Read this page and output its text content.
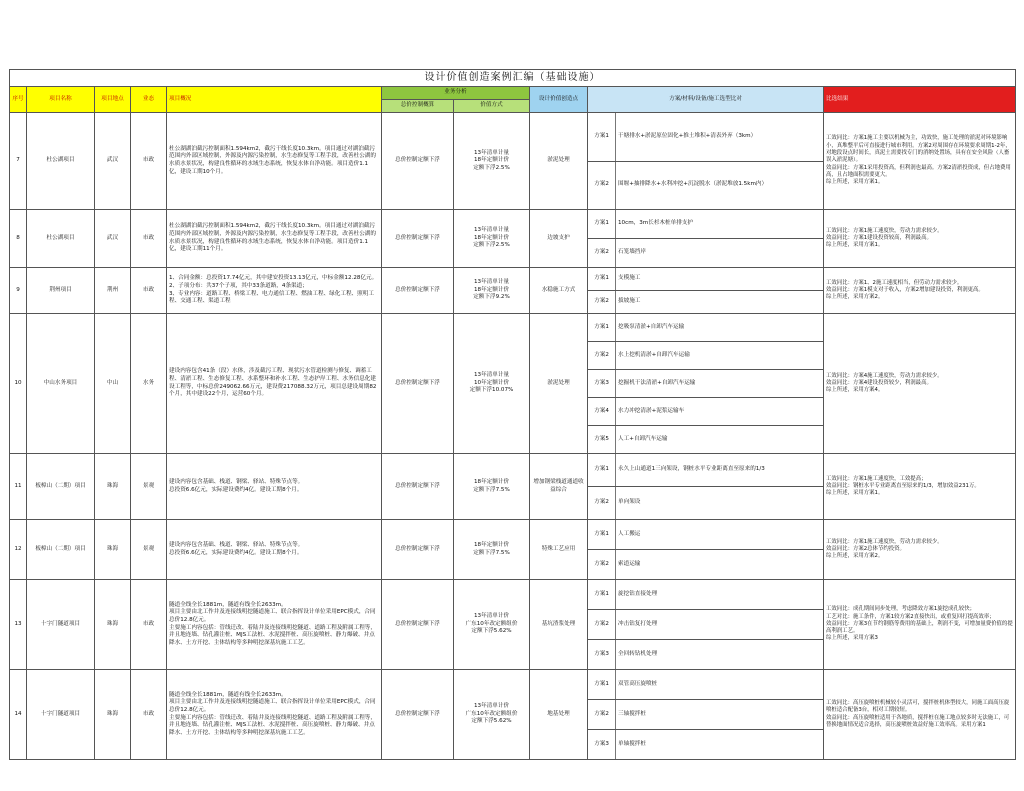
设计价值创造案例汇编（基础设施）										
序号	项目名称	项目地点	业态	项目概况	业务分析		设计价值创造点	方案/材料/设备/施工选型比对		比选结果
					总价控制概算	价值方式				
7	杜公湖项目	武汉	市政	杜公湖湖泊截污控制面积1.594km2，截污干线长度10.3km。项目通过对湖泊截污范围内外部区域控制，外源及内源污染控制，水生态修复等工程手段，改善杜公湖的水质水景状况，构建良性循环的水域生态系统，恢复水体自净功能。项目造价1.1亿，建设工期10个月。	总价控制定额下浮	13年清单计量
18年定额计价
定额下浮2.5%	淤泥处理	方案1	干塘排水+淤泥原位固化+推土堆积+清表外弃（3km）	工效同比：方案1施工主要以机械为主，功效快，施工处理的淤泥对环境影响小，真堆整平后可直接进行城市利用。方案2对周围存在环境要求周期1-2年，对地段设点时间长，真泥土需要找专门的消纳处置场，具有在安全风险（人畜误入淤泥塘）。
效益同比：方案1采用投资高，但利润也最高。方案2清淤投资成，但占地费用高，且占地面积需要更大。
综上所述，采用方案1。
								方案2	围堰+抽排降水+水利冲挖+沉淀脱水（淤泥堆放1.5km内）	
8	杜公湖项目	武汉	市政	杜公湖湖泊截污控制面积1.594km2，截污干线长度10.3km。项目通过对湖泊截污范围内外部区域控制，外源及内源污染控制，水生态修复等工程手段，改善杜公湖的水质水景状况，构建良性循环的水域生态系统，恢复水体自净功能。项目造价1.1亿，建设工期11个月。	总价控制定额下浮	13年清单计量
18年定额计价
定额下浮2.5%	边坡支护	方案1	10cm，3m长杉木桩单排支护	工效同比：方案1施工速度快，劳动力需求较少。
效益同比：方案1建设投资较高，利润最高。
综上所述，采用方案1。
								方案2	石笼墙挡岸	
9	荆州项目	荆州	市政	1、合同金额：总投资17.74亿元，其中建安投资13.13亿元，中标金额12.28亿元。
2、子项分布：共37个子项，其中33条道路，4条渠道；
3、专业内容：道路工程、桥梁工程、电力通信工程、燃油工程、绿化工程、照明工程、交通工程、渠道工程	总价控制定额下浮	13年清单计量
18年定额计价
定额下浮9.2%	水稳施工方式	方案1	支模施工	工效同比：方案1、2施工速度相当，但劳动力需求较少。
效益同比：方案1模支对于收入，方案2增加建设投资，利润更高。
综上所述，采用方案2。
								方案2	拔坡施工	
10	中山水务项目	中山	水务	建设内容包含41条（段）水体，涉及截污工程、现状污水管道检测与修复、调蓄工程、清淤工程、生态修复工程、水系整环和补水工程、生态护岸工程、水务信息化建设工程等，中标总价249062.66万元，建设费217088.32万元，项目总建设周期82个月，其中建设22个月，运营60个月。	总价控制定额下浮	13年清单计量
10年定额计价
定额下浮10.07%	淤泥处理	方案1	挖吸泵清淤+自卸汽车运输	工效同比：方案4施工速度快，劳动力需求较少。
效益同比：方案4建设投资较少，利润最高。
综上所述，采用方案4。
								方案2	水上挖机清淤+自卸汽车运输	
								方案3	挖掘机干法清淤+自卸汽车运输	
								方案4	水力冲挖清淤+泥浆运输车	
								方案5	人工+自卸汽车运输	
11	板樟山（二期）项目	珠海	景观	建设内容包含基础、栈道、钢梁、驿站、特殊节点等。
总投资6.6亿元，实际建设费约4亿。建设工期8个月。	总价控制定额下浮	18年定额计价
定额下浮7.5%	增加钢梁栈道通道收益综合	方案1	永久上山通道1三向架设，钢桩水平专业距离直至原来的1/3	工效同比：方案1施工速度快，工效提高；
效益同比：钢桩水平专业距离直至原来的1/3，增加效益231万。
综上所述，采用方案1。
								方案2	单向架设	
12	板樟山（二期）项目	珠海	景观	建设内容包含基础、栈道、钢梁、驿站、特殊节点等。
总投资6.6亿元，实际建设费约4亿。建设工期8个月。	总价控制定额下浮	18年定额计价
定额下浮7.5%	特殊工艺应用	方案1	人工搬运	工效同比：方案1施工速度快，劳动力需求较少。
效益同比：方案2总体节约投资。
综上所述，采用方案2。
								方案2	索道运输	
13	十字门隧道项目	珠海	市政	隧道全线全长1881m，隧道有线全长2633m。
项目主要由北工作井及连接线明挖隧道施工、联合指挥设计单位采用EPC模式，合同总价12.8亿元。
主要施工内容包括：管线迁改、着陆井及连接线明挖隧道、道路工程及附属工程等，并且地连墙、钻孔灌注桩、MJS工法桩、水泥搅拌桩、高压旋喷桩、静力爆破、井点降水、土方开挖、主体结构等多种明挖深基坑施工工艺。	总价控制定额下浮	13年清单计价
广东10年改定额组价
定额下浮5.62%	基坑渣浆处理	方案1	旋挖钻直接处理	工效同比：成孔期间同步处理，考虑降效方案1旋挖成孔较快；
工艺对比：施工条件，方案1较方案2直接快出，或重复回打提高效率；
效益同比：方案3在节约钢筋等费用的基础上，利润不变，可增加量费价值的提高利润工艺。
综上所述，采用方案3
								方案2	冲击钻复打处理	
								方案3	全回转钻机处理	
14	十字门隧道项目	珠海	市政	隧道全线全长1881m，隧道有线全长2633m。
项目主要由北工作井及连接线明挖隧道施工、联合指挥设计单位采用EPC模式，合同总价12.8亿元。
主要施工内容包括：管线迁改、着陆井及连接线明挖隧道、道路工程及附属工程等，并且地连墙、钻孔灌注桩、MJS工法桩、水泥搅拌桩、高压旋喷桩、静力爆破、井点降水、土方开挖、主体结构等多种明挖深基坑施工工艺。	总价控制定额下浮	13年清单计价
广东10年改定额组价
定额下浮5.62%	地基处理	方案1	双管高压旋喷桩	工效同比：高压旋喷桩机械较小灵活可，搅拌桩机体型较大，同施工面高压旋喷桩适合配备3台，相对工期较短。
效益同比：高压旋喷桩适用于各地质，搅拌桩在施工地点较多时无法施工，可替换地面情况适合选择，高压旋喷桩效益好施工效率高。采用方案1
								方案2	三轴搅拌桩	
								方案3	单轴搅拌桩	
